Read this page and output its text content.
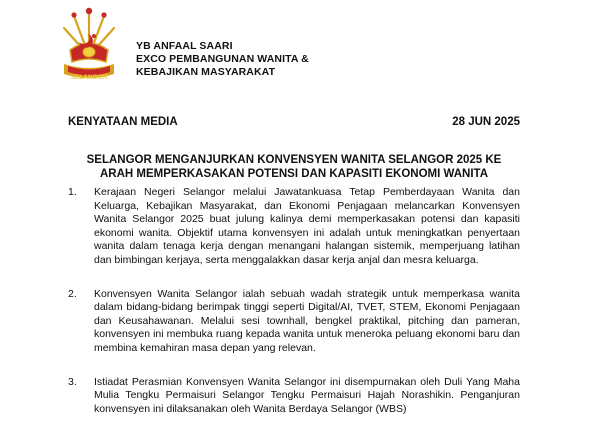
SELANGOR
YB ANFAAL SAARI
EXCO PEMBANGUNAN WANITA &
KEBAJIKAN MASYARAKAT
KENYATAAN MEDIA	28 JUN 2025
SELANGOR MENGANJURKAN KONVENSYEN WANITA SELANGOR 2025 KE
ARAH MEMPERKASAKAN POTENSI DAN KAPASITI EKONOMI WANITA
1. Kerajaan Negeri Selangor melalui Jawatankuasa Tetap Pemberdayaan Wanita dan Keluarga, Kebajikan Masyarakat, dan Ekonomi Penjagaan melancarkan Konvensyen Wanita Selangor 2025 buat julung kalinya demi memperkasakan potensi dan kapasiti ekonomi wanita. Objektif utama konvensyen ini adalah untuk meningkatkan penyertaan wanita dalam tenaga kerja dengan menangani halangan sistemik, memperjuang latihan dan bimbingan kerjaya, serta menggalakkan dasar kerja anjal dan mesra keluarga.
2. Konvensyen Wanita Selangor ialah sebuah wadah strategik untuk memperkasa wanita dalam bidang-bidang berimpak tinggi seperti Digital/AI, TVET, STEM, Ekonomi Penjagaan dan Keusahawanan. Melalui sesi townhall, bengkel praktikal, pitching dan pameran, konvensyen ini membuka ruang kepada wanita untuk meneroka peluang ekonomi baru dan membina kemahiran masa depan yang relevan.
3. Istiadat Perasmian Konvensyen Wanita Selangor ini disempurnakan oleh Duli Yang Maha Mulia Tengku Permaisuri Selangor Tengku Permaisuri Hajah Norashikin. Penganjuran konvensyen ini dilaksanakan oleh Wanita Berdaya Selangor (WBS)
